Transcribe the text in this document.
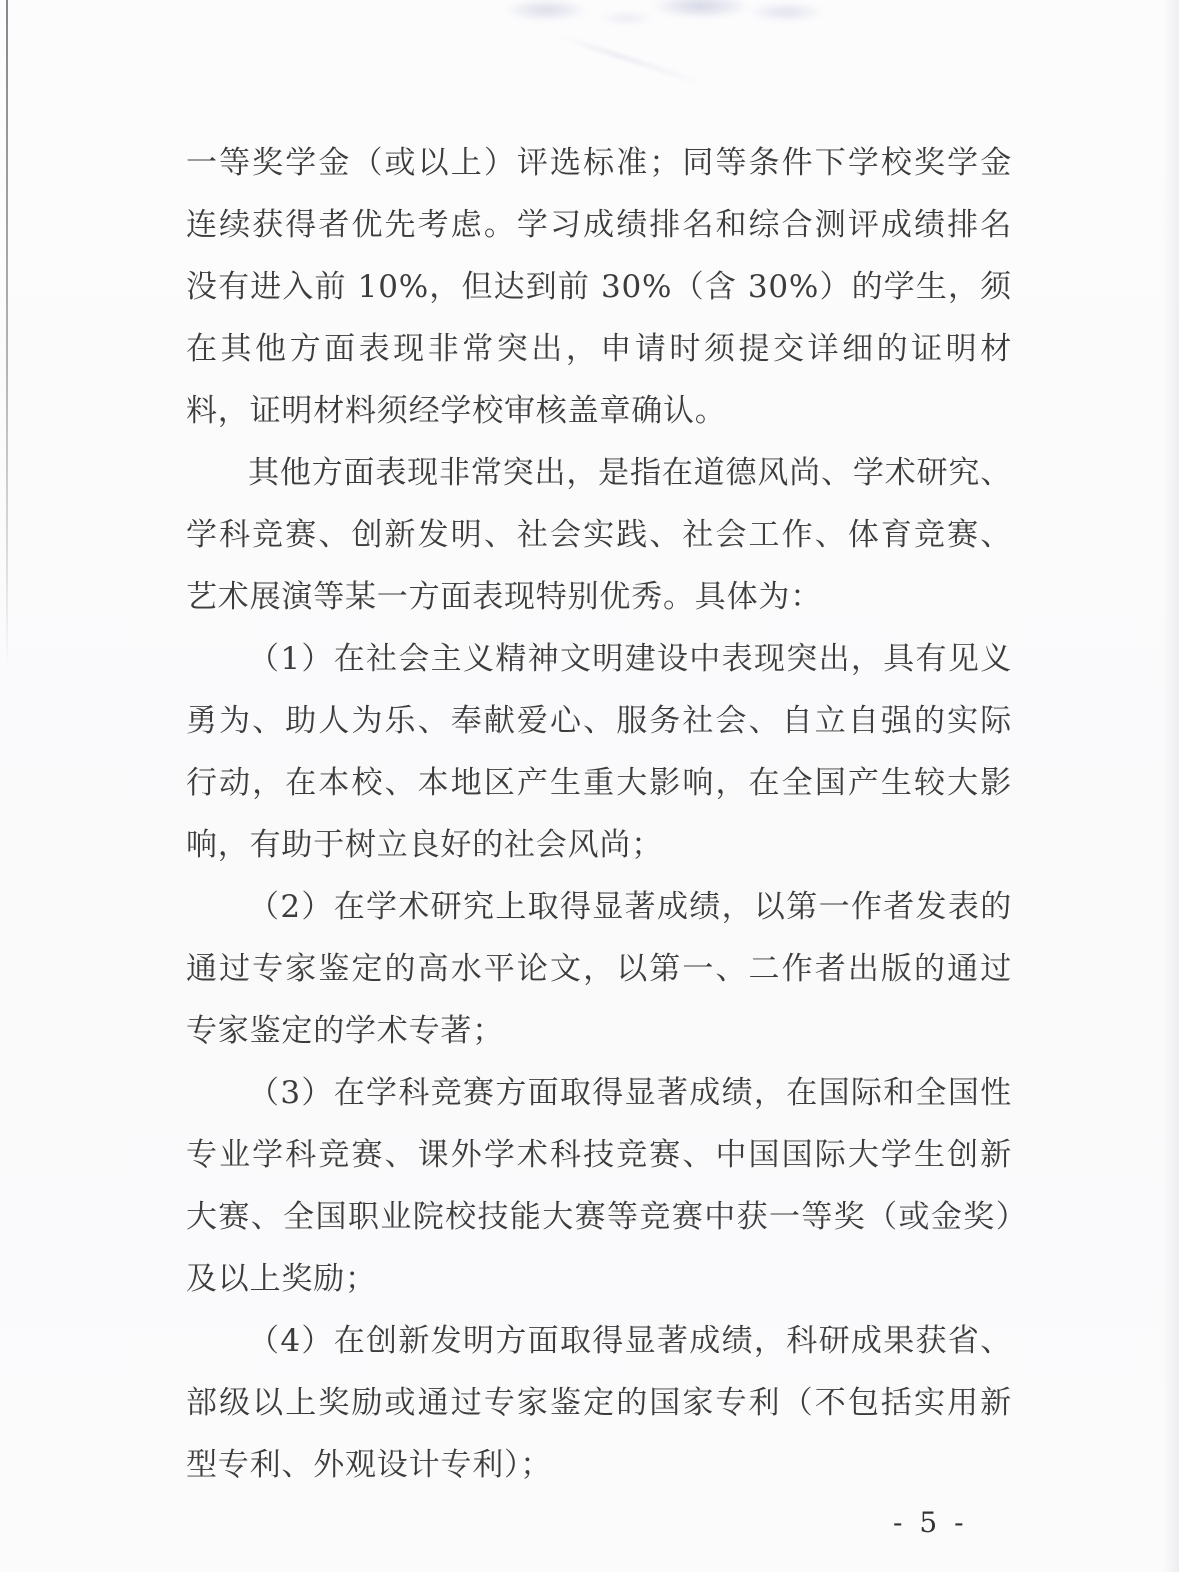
一等奖学金（或以上）评选标准；同等条件下学校奖学金连续获得者优先考虑。学习成绩排名和综合测评成绩排名没有进入前 10%，但达到前 30%（含 30%）的学生，须在其他方面表现非常突出，申请时须提交详细的证明材料，证明材料须经学校审核盖章确认。

其他方面表现非常突出，是指在道德风尚、学术研究、学科竞赛、创新发明、社会实践、社会工作、体育竞赛、艺术展演等某一方面表现特别优秀。具体为：

（1）在社会主义精神文明建设中表现突出，具有见义勇为、助人为乐、奉献爱心、服务社会、自立自强的实际行动，在本校、本地区产生重大影响，在全国产生较大影响，有助于树立良好的社会风尚；

（2）在学术研究上取得显著成绩，以第一作者发表的通过专家鉴定的高水平论文，以第一、二作者出版的通过专家鉴定的学术专著；

（3）在学科竞赛方面取得显著成绩，在国际和全国性专业学科竞赛、课外学术科技竞赛、中国国际大学生创新大赛、全国职业院校技能大赛等竞赛中获一等奖（或金奖）及以上奖励；

（4）在创新发明方面取得显著成绩，科研成果获省、部级以上奖励或通过专家鉴定的国家专利（不包括实用新型专利、外观设计专利）；

- 5 -
